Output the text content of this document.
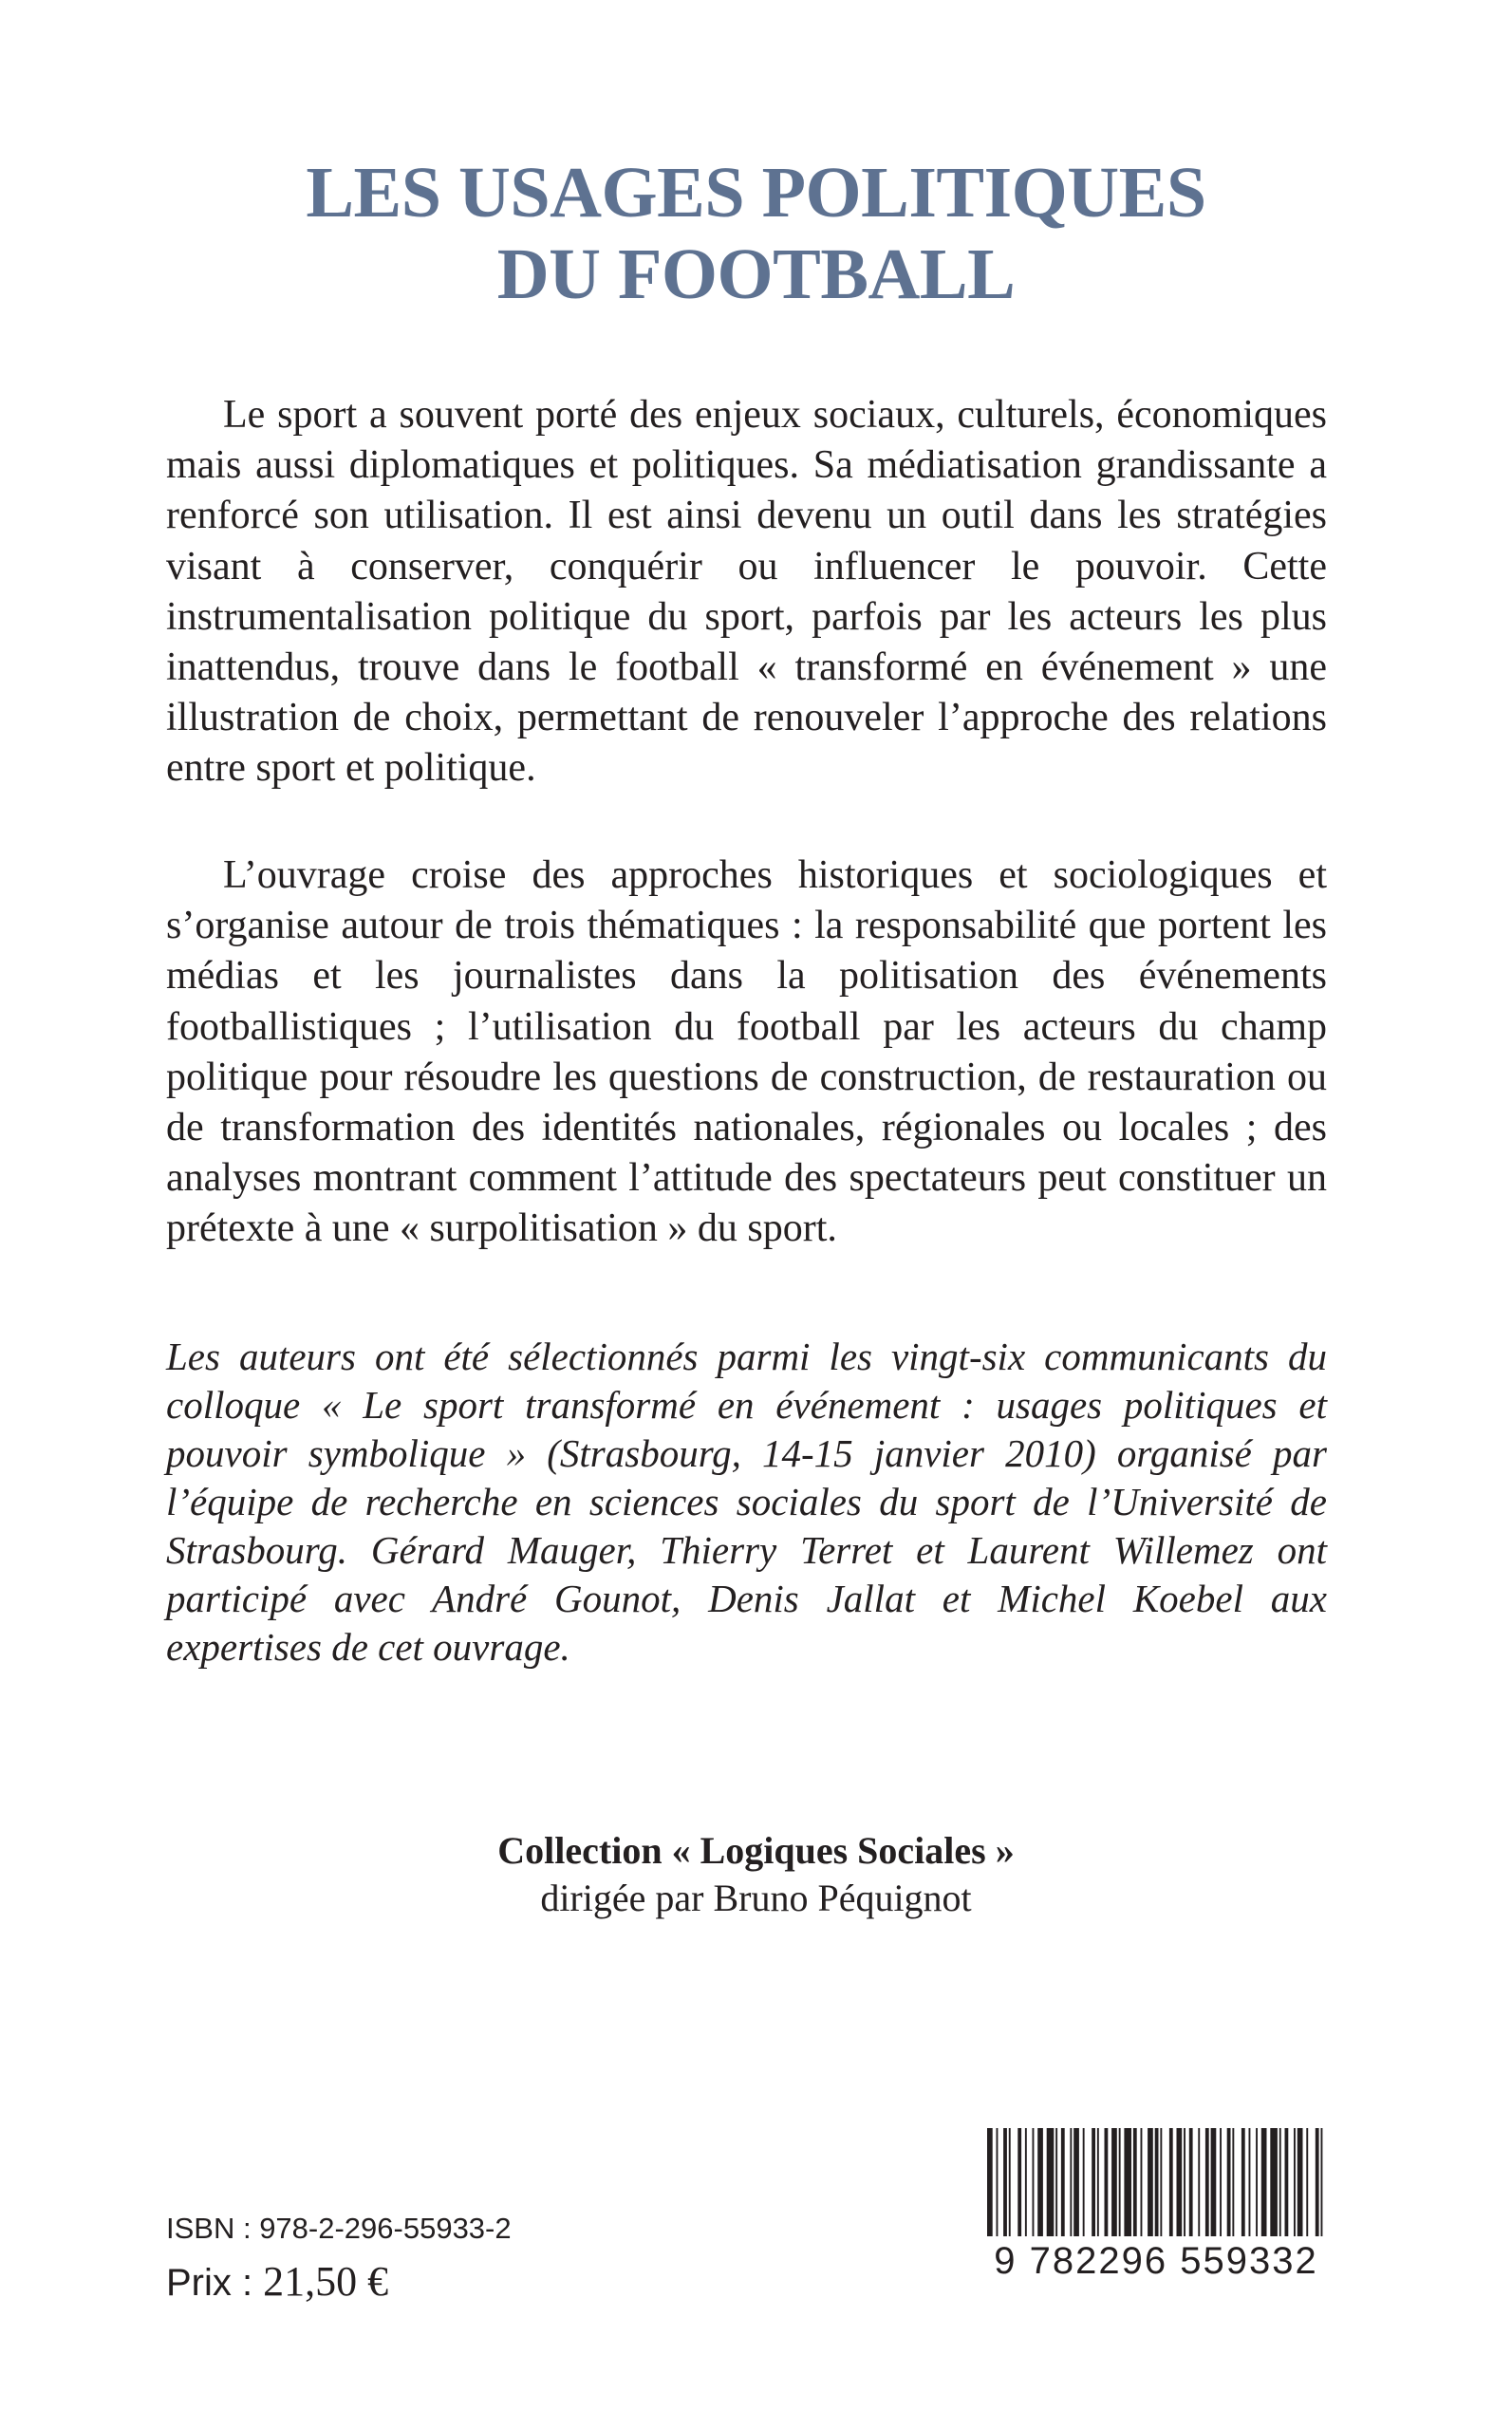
LES USAGES POLITIQUES
DU FOOTBALL

Le sport a souvent porté des enjeux sociaux, culturels, économiques mais aussi diplomatiques et politiques. Sa médiatisation grandissante a renforcé son utilisation. Il est ainsi devenu un outil dans les stratégies visant à conserver, conquérir ou influencer le pouvoir. Cette instrumentalisation politique du sport, parfois par les acteurs les plus inattendus, trouve dans le football « transformé en événement » une illustration de choix, permettant de renouveler l’approche des relations entre sport et politique.

L’ouvrage croise des approches historiques et sociologiques et s’organise autour de trois thématiques : la responsabilité que portent les médias et les journalistes dans la politisation des événements footballistiques ; l’utilisation du football par les acteurs du champ politique pour résoudre les questions de construction, de restauration ou de transformation des identités nationales, régionales ou locales ; des analyses montrant comment l’attitude des spectateurs peut constituer un prétexte à une « surpolitisation » du sport.

Les auteurs ont été sélectionnés parmi les vingt-six communicants du colloque « Le sport transformé en événement : usages politiques et pouvoir symbolique » (Strasbourg, 14-15 janvier 2010) organisé par l’équipe de recherche en sciences sociales du sport de l’Université de Strasbourg. Gérard Mauger, Thierry Terret et Laurent Willemez ont participé avec André Gounot, Denis Jallat et Michel Koebel aux expertises de cet ouvrage.
Collection « Logiques Sociales »
dirigée par Bruno Péquignot
ISBN : 978-2-296-55933-2
Prix : 21,50 €	9 782296 559332
